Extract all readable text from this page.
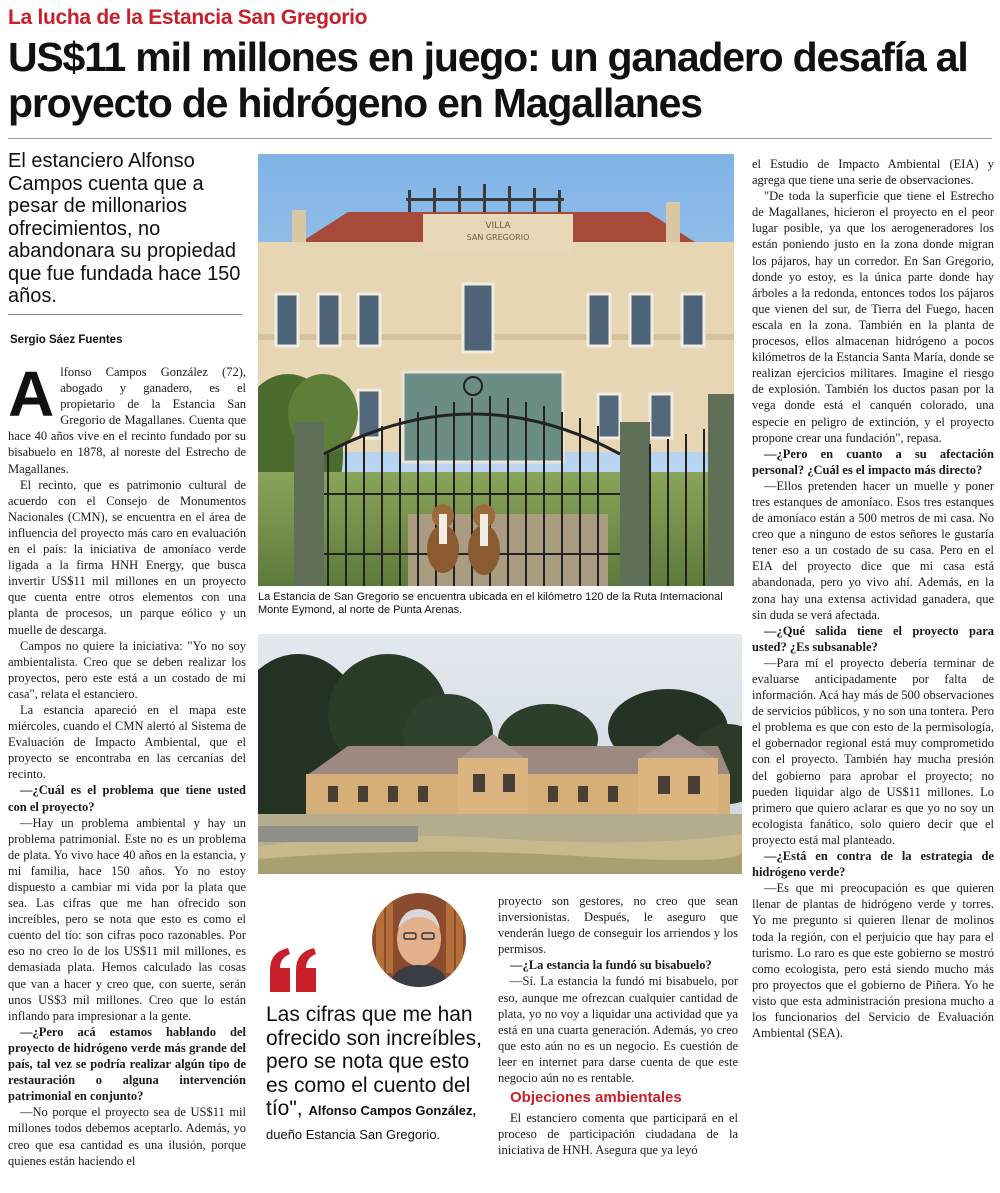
La lucha de la Estancia San Gregorio
US$11 mil millones en juego: un ganadero desafía al proyecto de hidrógeno en Magallanes
El estanciero Alfonso Campos cuenta que a pesar de millonarios ofrecimientos, no abandonara su propiedad que fue fundada hace 150 años.
Sergio Sáez Fuentes

Alfonso Campos González (72), abogado y ganadero, es el propietario de la Estancia San Gregorio de Magallanes. Cuenta que hace 40 años vive en el recinto fundado por su bisabuelo en 1878, al noreste del Estrecho de Magallanes.

El recinto, que es patrimonio cultural de acuerdo con el Consejo de Monumentos Nacionales (CMN), se encuentra en el área de influencia del proyecto más caro en evaluación en el país: la iniciativa de amoníaco verde ligada a la firma HNH Energy, que busca invertir US$11 mil millones en un proyecto que cuenta entre otros elementos con una planta de procesos, un parque eólico y un muelle de descarga.

Campos no quiere la iniciativa: "Yo no soy ambientalista. Creo que se deben realizar los proyectos, pero este está a un costado de mi casa", relata el estanciero.

La estancia apareció en el mapa este miércoles, cuando el CMN alertó al Sistema de Evaluación de Impacto Ambiental, que el proyecto se encontraba en las cercanías del recinto.

—¿Cuál es el problema que tiene usted con el proyecto?

—Hay un problema ambiental y hay un problema patrimonial. Este no es un problema de plata. Yo vivo hace 40 años en la estancia, y mi familia, hace 150 años. Yo no estoy dispuesto a cambiar mi vida por la plata que sea. Las cifras que me han ofrecido son increíbles, pero se nota que esto es como el cuento del tío: son cifras poco razonables. Por eso no creo lo de los US$11 mil millones, es demasiada plata. Hemos calculado las cosas que van a hacer y creo que, con suerte, serán unos US$3 mil millones. Creo que lo están inflando para impresionar a la gente.

—¿Pero acá estamos hablando del proyecto de hidrógeno verde más grande del país, tal vez se podría realizar algún tipo de restauración o alguna intervención patrimonial en conjunto?

—No porque el proyecto sea de US$11 mil millones todos debemos aceptarlo. Además, yo creo que esa cantidad es una ilusión, porque quienes están haciendo el

VILLA
SAN GREGORIO
La Estancia de San Gregorio se encuentra ubicada en el kilómetro 120 de la Ruta Internacional Monte Eymond, al norte de Punta Arenas.
Las cifras que me han ofrecido son increíbles, pero se nota que esto es como el cuento del tío", Alfonso Campos González, dueño Estancia San Gregorio.

proyecto son gestores, no creo que sean inversionistas. Después, le aseguro que venderán luego de conseguir los arriendos y los permisos.

—¿La estancia la fundó su bisabuelo?

—Sí. La estancia la fundó mi bisabuelo, por eso, aunque me ofrezcan cualquier cantidad de plata, yo no voy a liquidar una actividad que ya está en una cuarta generación. Además, yo creo que esto aún no es un negocio. Es cuestión de leer en internet para darse cuenta de que este negocio aún no es rentable.

Objeciones ambientales

El estanciero comenta que participará en el proceso de participación ciudadana de la iniciativa de HNH. Asegura que ya leyó

el Estudio de Impacto Ambiental (EIA) y agrega que tiene una serie de observaciones.

"De toda la superficie que tiene el Estrecho de Magallanes, hicieron el proyecto en el peor lugar posible, ya que los aerogeneradores los están poniendo justo en la zona donde migran los pájaros, hay un corredor. En San Gregorio, donde yo estoy, es la única parte donde hay árboles a la redonda, entonces todos los pájaros que vienen del sur, de Tierra del Fuego, hacen escala en la zona. También en la planta de procesos, ellos almacenan hidrógeno a pocos kilómetros de la Estancia Santa María, donde se realizan ejercicios militares. Imagine el riesgo de explosión. También los ductos pasan por la vega donde está el canquén colorado, una especie en peligro de extinción, y el proyecto propone crear una fundación", repasa.

—¿Pero en cuanto a su afectación personal? ¿Cuál es el impacto más directo?

—Ellos pretenden hacer un muelle y poner tres estanques de amoníaco. Esos tres estanques de amoníaco están a 500 metros de mi casa. No creo que a ninguno de estos señores le gustaría tener eso a un costado de su casa. Pero en el EIA del proyecto dice que mi casa está abandonada, pero yo vivo ahí. Además, en la zona hay una extensa actividad ganadera, que sin duda se verá afectada.

—¿Qué salida tiene el proyecto para usted? ¿Es subsanable?

—Para mí el proyecto debería terminar de evaluarse anticipadamente por falta de información. Acá hay más de 500 observaciones de servicios públicos, y no son una tontera. Pero el problema es que con esto de la permisología, el gobernador regional está muy comprometido con el proyecto. También hay mucha presión del gobierno para aprobar el proyecto; no pueden liquidar algo de US$11 millones. Lo primero que quiero aclarar es que yo no soy un ecologista fanático, solo quiero decir que el proyecto está mal planteado.

—¿Está en contra de la estrategia de hidrógeno verde?

—Es que mi preocupación es que quieren llenar de plantas de hidrógeno verde y torres. Yo me pregunto si quieren llenar de molinos toda la región, con el perjuicio que hay para el turismo. Lo raro es que este gobierno se mostró como ecologista, pero está siendo mucho más pro proyectos que el gobierno de Piñera. Yo he visto que esta administración presiona mucho a los funcionarios del Servicio de Evaluación Ambiental (SEA).
